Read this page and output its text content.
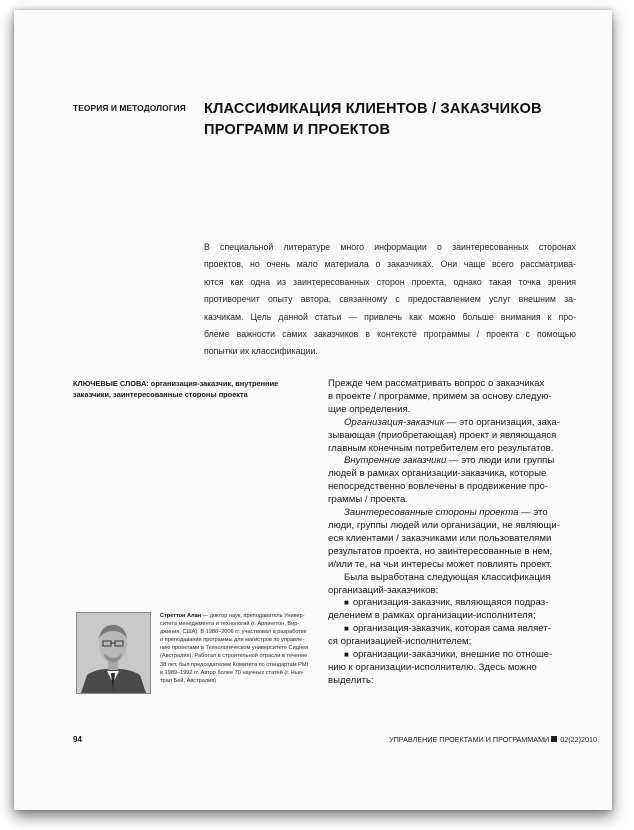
ТЕОРИЯ И МЕТОДОЛОГИЯ	КЛАССИФИКАЦИЯ КЛИЕНТОВ / ЗАКАЗЧИКОВ
ПРОГРАММ И ПРОЕКТОВ
В специальной литературе много информации о заинтересованных сторонах
проектов, но очень мало материала о заказчиках. Они чаще всего рассматрива-
ются как одна из заинтересованных сторон проекта, однако такая точка зрения
противоречит опыту автора, связанному с предоставлением услуг внешним за-
казчикам. Цель данной статьи — привлечь как можно больше внимания к про-
блеме важности самих заказчиков в контексте программы / проекта с помощью
попытки их классификации.
КЛЮЧЕВЫЕ СЛОВА: организация-заказчик, внутренние
заказчики, заинтересованные стороны проекта
Прежде чем рассматривать вопрос о заказчиках
в проекте / программе, примем за основу следую-
щие определения.
Организация-заказчик — это организация, зака-
зывающая (приобретающая) проект и являющаяся
главным конечным потребителем его результатов.
Внутренние заказчики — это люди или группы
людей в рамках организации-заказчика, которые
непосредственно вовлечены в продвижение про-
граммы / проекта.
Заинтересованные стороны проекта — это
люди, группы людей или организации, не являющи-
еся клиентами / заказчиками или пользователями
результатов проекта, но заинтересованные в нем,
и/или те, на чьи интересы может повлиять проект.
Была выработана следующая классификация
организаций-заказчиков:
■ организация-заказчик, являющаяся подраз-
делением в рамках организации-исполнителя;
■ организация-заказчик, которая сама являет-
ся организацией-исполнителем;
■ организации-заказчики, внешние по отноше-
нию к организации-исполнителю. Здесь можно
выделить:
Стреттон Алан — доктор наук, преподаватель Универ-
ситета менеджмента и технологий (г. Арлингтон, Вир-
джиния, США). В 1988–2006 гг. участвовал в разработке
и преподавании программы для магистров по управле-
нию проектами в Технологическом университете Сиднея
(Австралия). Работал в строительной отрасли в течение
38 лет, был председателем Комитета по стандартам PMI
в 1989–1992 гг. Автор более 70 научных статей (г. Нью-
трал Бей, Австралия)
94	УПРАВЛЕНИЕ ПРОЕКТАМИ И ПРОГРАММАМИ 02(22)2010
